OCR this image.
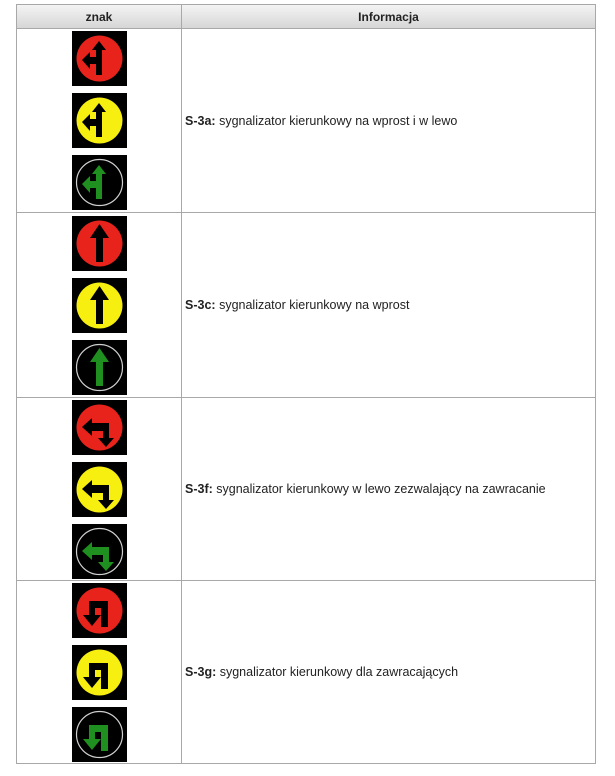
znak	Informacja
S-3a:
sygnalizator kierunkowy na wprost i w lewo
S-3c:
sygnalizator kierunkowy na wprost
S-3f:
sygnalizator kierunkowy w lewo zezwalający na zawracanie
S-3g:
sygnalizator kierunkowy dla zawracających
